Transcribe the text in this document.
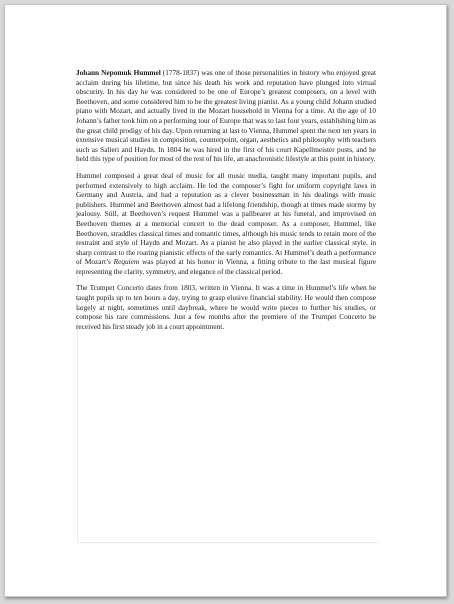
Johann Nepomuk Hummel (1778-1837) was one of those personalities in history who enjoyed great acclaim during his lifetime, but since his death his work and reputation have plunged into virtual obscurity. In his day he was considered to be one of Europe’s greatest composers, on a level with Beethoven, and some considered him to be the greatest living pianist. As a young child Johann studied piano with Mozart, and actually lived in the Mozart household in Vienna for a time. At the age of 10 Johann’s father took him on a performing tour of Europe that was to last four years, establishing him as the great child prodigy of his day. Upon returning at last to Vienna, Hummel spent the next ten years in extensive musical studies in composition, counterpoint, organ, aesthetics and philosophy with teachers such as Salieri and Haydn. In 1804 he was hired in the first of his court Kapellmeister posts, and he held this type of position for most of the rest of his life, an anachronistic lifestyle at this point in history.

Hummel composed a great deal of music for all music media, taught many important pupils, and performed extensively to high acclaim. He led the composer’s fight for uniform copyright laws in Germany and Austria, and had a reputation as a clever businessman in his dealings with music publishers. Hummel and Beethoven almost had a lifelong friendship, though at times made stormy by jealousy. Still, at Beethoven’s request Hummel was a pallbearer at his funeral, and improvised on Beethoven themes at a memorial concert to the dead composer. As a composer, Hummel, like Beethoven, straddles classical times and romantic times, although his music tends to retain more of the restraint and style of Haydn and Mozart. As a pianist he also played in the earlier classical style, in sharp contrast to the roaring pianistic effects of the early romantics. At Hummel’s death a performance of Mozart’s Requiem was played at his honor in Vienna, a fitting tribute to the last musical figure representing the clarity, symmetry, and elegance of the classical period.

The Trumpet Concerto dates from 1803, written in Vienna. It was a time in Hummel’s life when he taught pupils up to ten hours a day, trying to grasp elusive financial stability. He would then compose largely at night, sometimes until daybreak, where he would write pieces to further his studies, or compose his rare commissions. Just a few months after the premiere of the Trumpet Concerto he received his first steady job in a court appointment.
